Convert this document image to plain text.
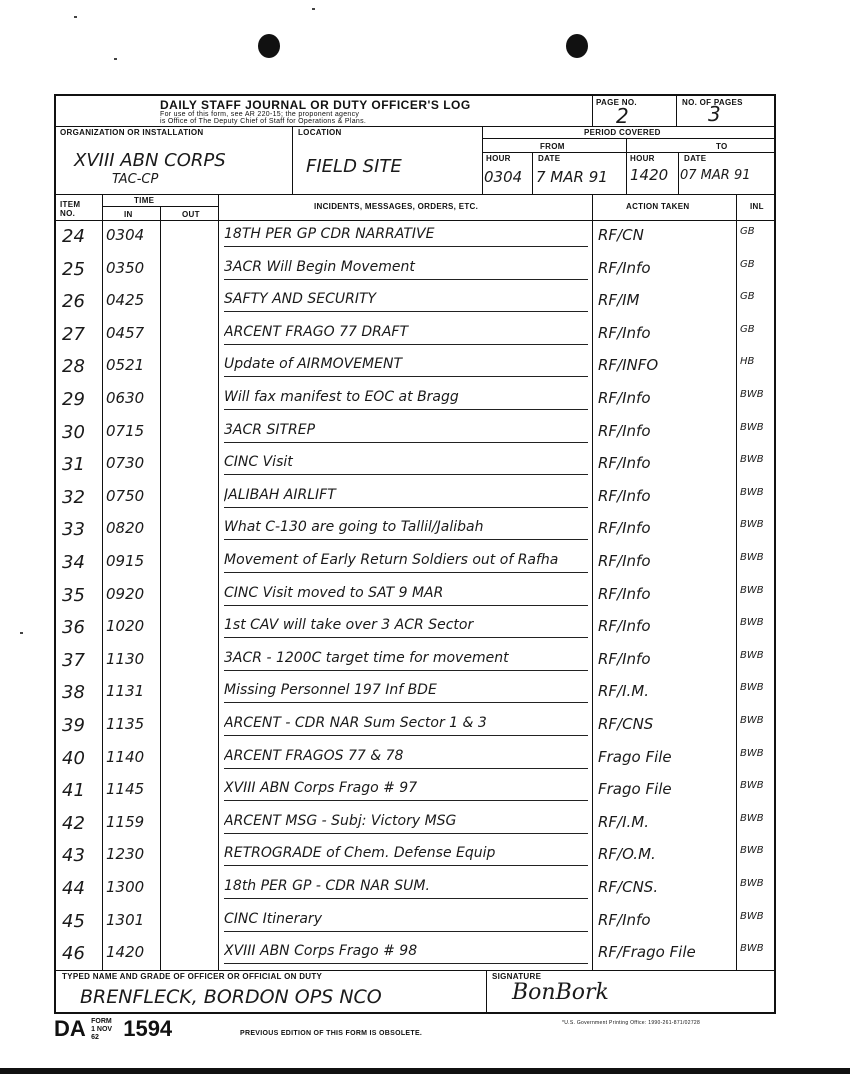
DAILY STAFF JOURNAL OR DUTY OFFICER'S LOG
For use of this form, see AR 220-15; the proponent agency
is Office of The Deputy Chief of Staff for Operations & Plans.
PAGE NO.
2
NO. OF PAGES
3
ORGANIZATION OR INSTALLATION
XVIII ABN CORPS
TAC-CP
LOCATION
FIELD SITE
PERIOD COVERED
FROM	TO
HOUR	DATE	HOUR	DATE
0304 7 MAR 91 1420 07 MAR 91
ITEM NO.
TIME
IN	OUT
INCIDENTS, MESSAGES, ORDERS, ETC.	ACTION TAKEN	INL
24	0304	18TH PER GP CDR NARRATIVE	RF/CN	GB
25	0350	3ACR Will Begin Movement	RF/Info	GB
26	0425	SAFTY AND SECURITY	RF/IM	GB
27	0457	ARCENT FRAGO 77 DRAFT	RF/Info	GB
28	0521	Update of AIRMOVEMENT	RF/INFO	HB
29	0630	Will fax manifest to EOC at Bragg	RF/Info	BWB
30	0715	3ACR SITREP	RF/Info	BWB
31	0730	CINC Visit	RF/Info	BWB
32	0750	JALIBAH AIRLIFT	RF/Info	BWB
33	0820	What C-130 are going to Tallil/Jalibah	RF/Info	BWB
34	0915	Movement of Early Return Soldiers out of Rafha	RF/Info	BWB
35	0920	CINC Visit moved to SAT 9 MAR	RF/Info	BWB
36	1020	1st CAV will take over 3 ACR Sector	RF/Info	BWB
37	1130	3ACR - 1200C target time for movement	RF/Info	BWB
38	1131	Missing Personnel 197 Inf BDE	RF/I.M.	BWB
39	1135	ARCENT - CDR NAR Sum Sector 1 & 3	RF/CNS	BWB
40	1140	ARCENT FRAGOS 77 & 78	Frago File	BWB
41	1145	XVIII ABN Corps Frago # 97	Frago File	BWB
42	1159	ARCENT MSG - Subj: Victory MSG	RF/I.M.	BWB
43	1230	RETROGRADE of Chem. Defense Equip	RF/O.M.	BWB
44	1300	18th PER GP - CDR NAR SUM.	RF/CNS.	BWB
45	1301	CINC Itinerary	RF/Info	BWB
46	1420	XVIII ABN Corps Frago # 98	RF/Frago File	BWB
TYPED NAME AND GRADE OF OFFICER OR OFFICIAL ON DUTY	SIGNATURE
BRENFLECK, BORDON OPS NCO	BonBork
DA FORM 1 NOV 62 1594	PREVIOUS EDITION OF THIS FORM IS OBSOLETE.
*U.S. Government Printing Office: 1990-261-871/02728
